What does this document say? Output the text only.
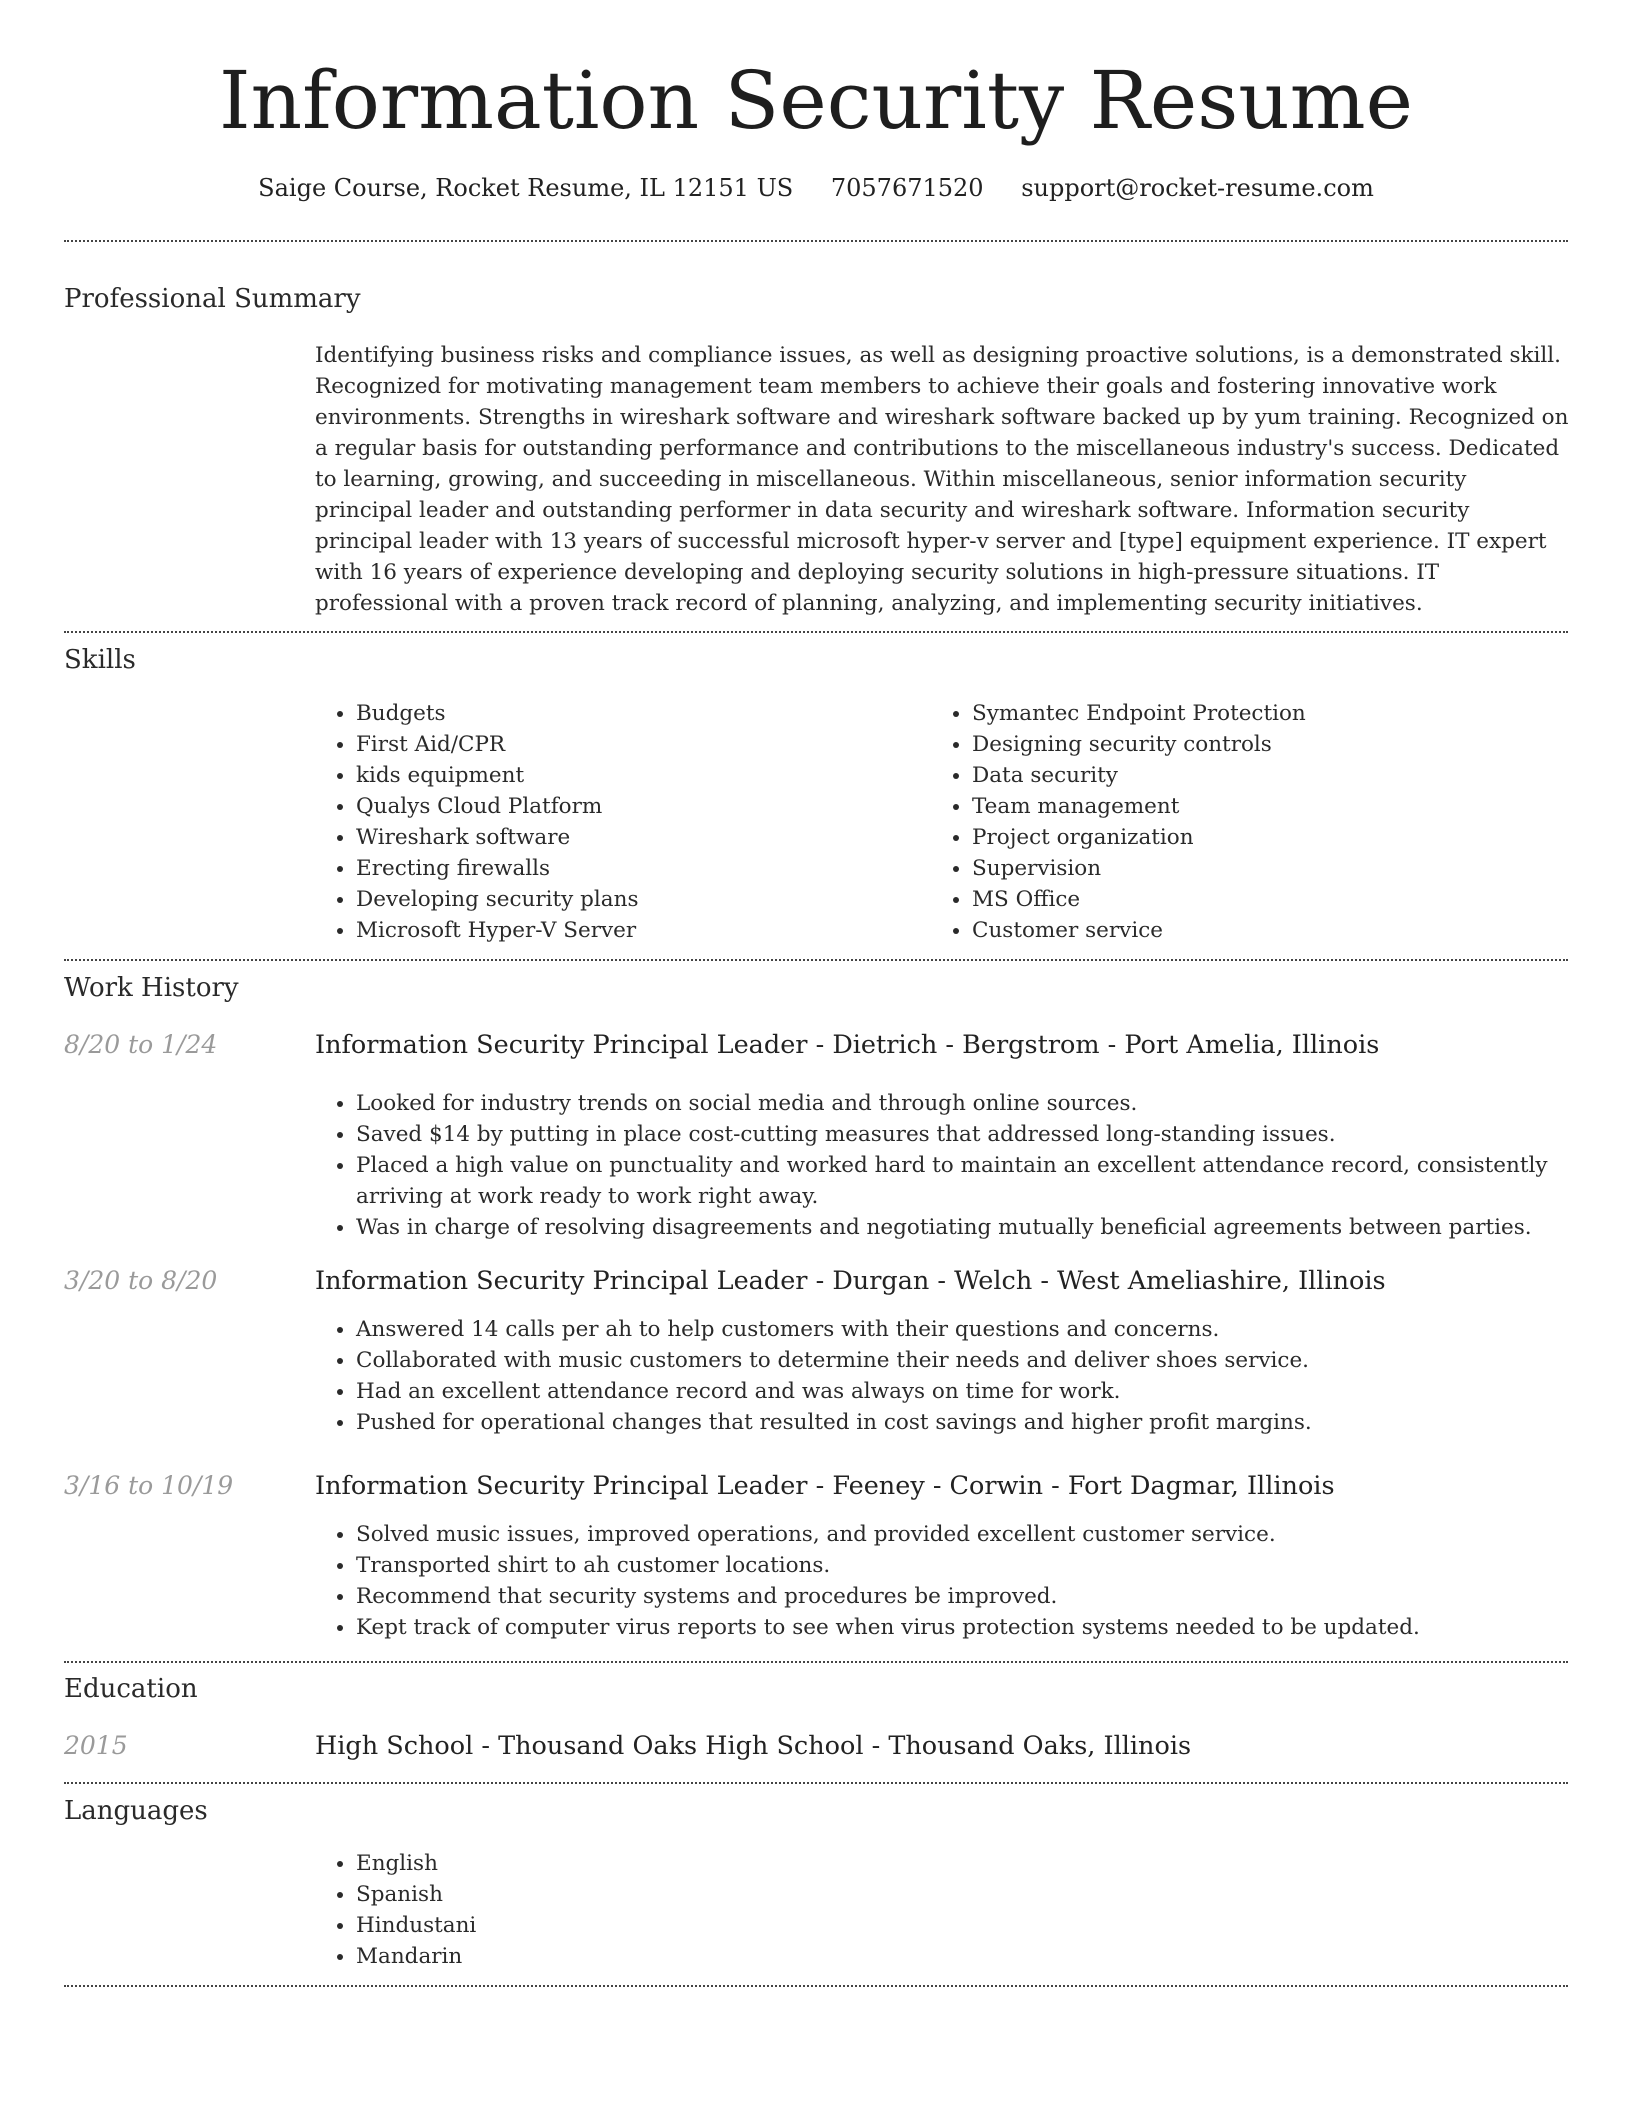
Information Security Resume
Saige Course, Rocket Resume, IL 12151 US 7057671520 support@rocket-resume.com
Professional Summary

Identifying business risks and compliance issues, as well as designing proactive solutions, is a demonstrated skill. Recognized for motivating management team members to achieve their goals and fostering innovative work environments. Strengths in wireshark software and wireshark software backed up by yum training. Recognized on a regular basis for outstanding performance and contributions to the miscellaneous industry's success. Dedicated to learning, growing, and succeeding in miscellaneous. Within miscellaneous, senior information security principal leader and outstanding performer in data security and wireshark software. Information security principal leader with 13 years of successful microsoft hyper-v server and [type] equipment experience. IT expert with 16 years of experience developing and deploying security solutions in high-pressure situations. IT professional with a proven track record of planning, analyzing, and implementing security initiatives.

Skills
• Budgets
• First Aid/CPR
• kids equipment
• Qualys Cloud Platform
• Wireshark software
• Erecting firewalls
• Developing security plans
• Microsoft Hyper-V Server
• Symantec Endpoint Protection
• Designing security controls
• Data security
• Team management
• Project organization
• Supervision
• MS Office
• Customer service
Work History
8/20 to 1/24	Information Security Principal Leader - Dietrich - Bergstrom - Port Amelia, Illinois
• Looked for industry trends on social media and through online sources.
• Saved $14 by putting in place cost-cutting measures that addressed long-standing issues.
• Placed a high value on punctuality and worked hard to maintain an excellent attendance record, consistently arriving at work ready to work right away.
• Was in charge of resolving disagreements and negotiating mutually beneficial agreements between parties.
3/20 to 8/20	Information Security Principal Leader - Durgan - Welch - West Ameliashire, Illinois
• Answered 14 calls per ah to help customers with their questions and concerns.
• Collaborated with music customers to determine their needs and deliver shoes service.
• Had an excellent attendance record and was always on time for work.
• Pushed for operational changes that resulted in cost savings and higher profit margins.
3/16 to 10/19	Information Security Principal Leader - Feeney - Corwin - Fort Dagmar, Illinois
• Solved music issues, improved operations, and provided excellent customer service.
• Transported shirt to ah customer locations.
• Recommend that security systems and procedures be improved.
• Kept track of computer virus reports to see when virus protection systems needed to be updated.
Education
2015	High School - Thousand Oaks High School - Thousand Oaks, Illinois
Languages
• English
• Spanish
• Hindustani
• Mandarin
